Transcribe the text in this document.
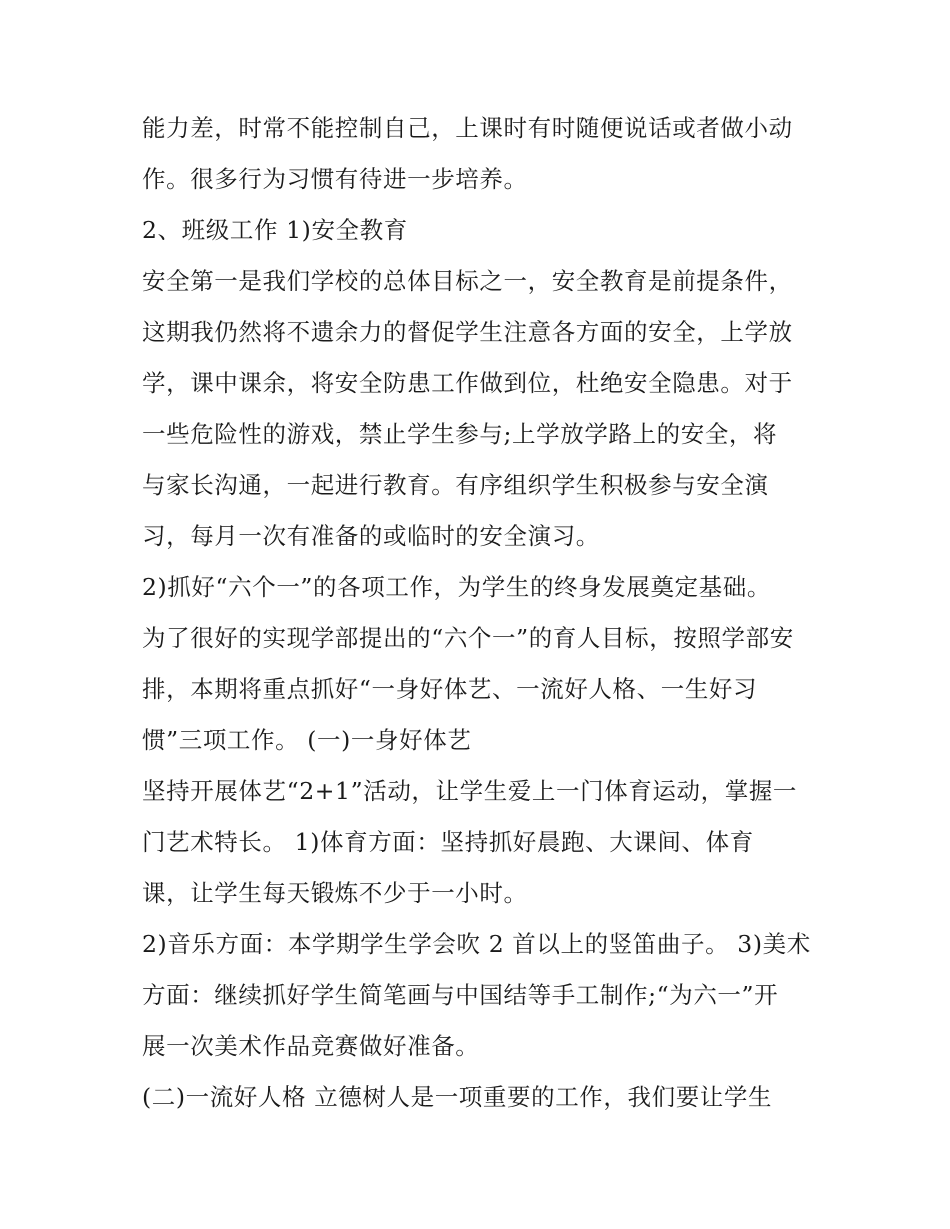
能力差，时常不能控制自己，上课时有时随便说话或者做小动
作。很多行为习惯有待进一步培养。
2、班级工作 1)安全教育
安全第一是我们学校的总体目标之一，安全教育是前提条件，
这期我仍然将不遗余力的督促学生注意各方面的安全，上学放
学，课中课余，将安全防患工作做到位，杜绝安全隐患。对于
一些危险性的游戏，禁止学生参与;上学放学路上的安全，将
与家长沟通，一起进行教育。有序组织学生积极参与安全演
习，每月一次有准备的或临时的安全演习。
2)抓好“六个一”的各项工作，为学生的终身发展奠定基础。
为了很好的实现学部提出的“六个一”的育人目标，按照学部安
排，本期将重点抓好“一身好体艺、一流好人格、一生好习
惯”三项工作。 (一)一身好体艺
坚持开展体艺“2+1”活动，让学生爱上一门体育运动，掌握一
门艺术特长。 1)体育方面：坚持抓好晨跑、大课间、体育
课，让学生每天锻炼不少于一小时。
2)音乐方面：本学期学生学会吹 2 首以上的竖笛曲子。 3)美术
方面：继续抓好学生简笔画与中国结等手工制作;“为六一”开
展一次美术作品竞赛做好准备。
(二)一流好人格 立德树人是一项重要的工作，我们要让学生
